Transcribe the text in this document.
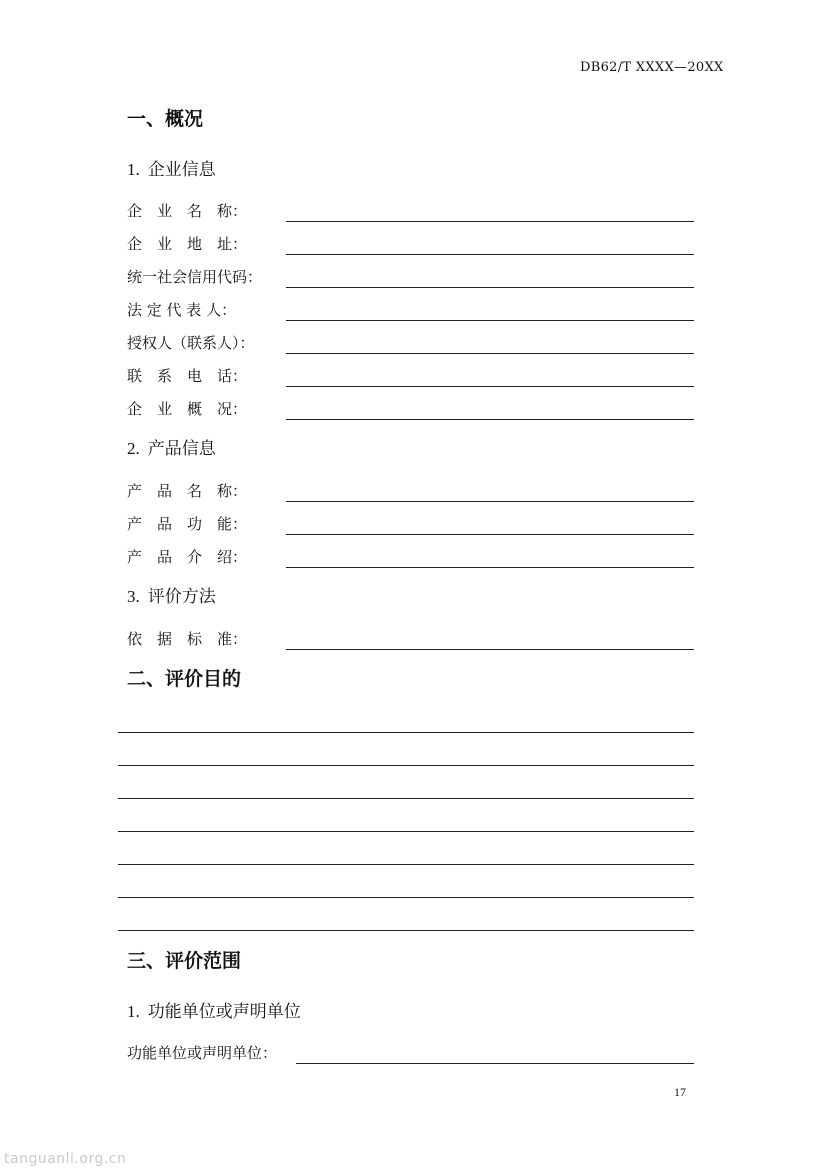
DB62/T XXXX—20XX
一、概况
1. 企业信息
企　业　名　称：
企　业　地　址：
统一社会信用代码：
法 定 代 表 人：
授权人（联系人）：
联　系　电　话：
企　业　概　况：
2. 产品信息
产　品　名　称：
产　品　功　能：
产　品　介　绍：
3. 评价方法
依　据　标　准：
二、评价目的
三、评价范围
1. 功能单位或声明单位
功能单位或声明单位：
17
tanguanli.org.cn
